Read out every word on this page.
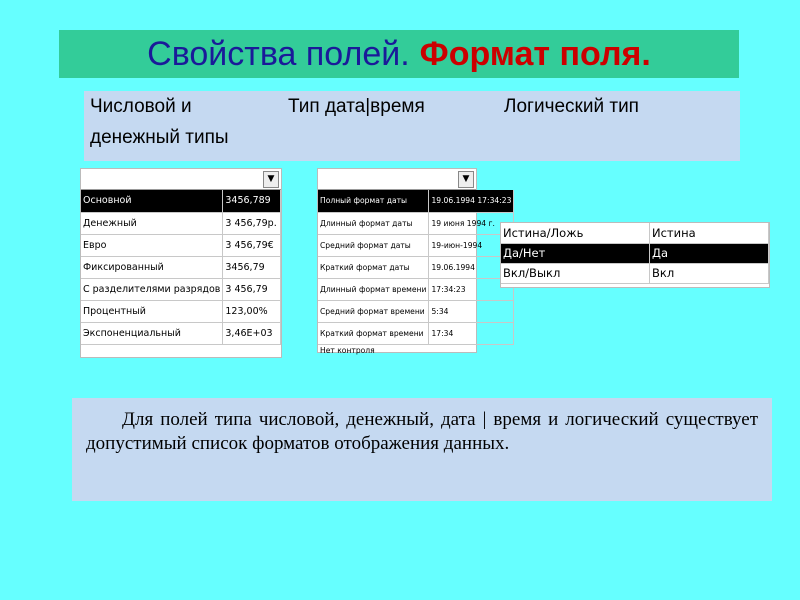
Свойства полей. Формат поля.
Числовой и
денежный типы
Тип дата|время	Логический тип
▼
Основной	3456,789
Денежный	3 456,79р.
Евро	3 456,79€
Фиксированный	3456,79
С разделителями разрядов	3 456,79
Процентный	123,00%
Экспоненциальный	3,46E+03
▼
Полный формат даты	19.06.1994 17:34:23
Длинный формат даты	19 июня 1994 г.
Средний формат даты	19-июн-1994
Краткий формат даты	19.06.1994
Длинный формат времени	17:34:23
Средний формат времени	5:34
Краткий формат времени	17:34
Нет контроля
Истина/Ложь	Истина
Да/Нет	Да
Вкл/Выкл	Вкл

Для полей типа числовой, денежный, дата | время и логический существует допустимый список форматов отображения данных.
